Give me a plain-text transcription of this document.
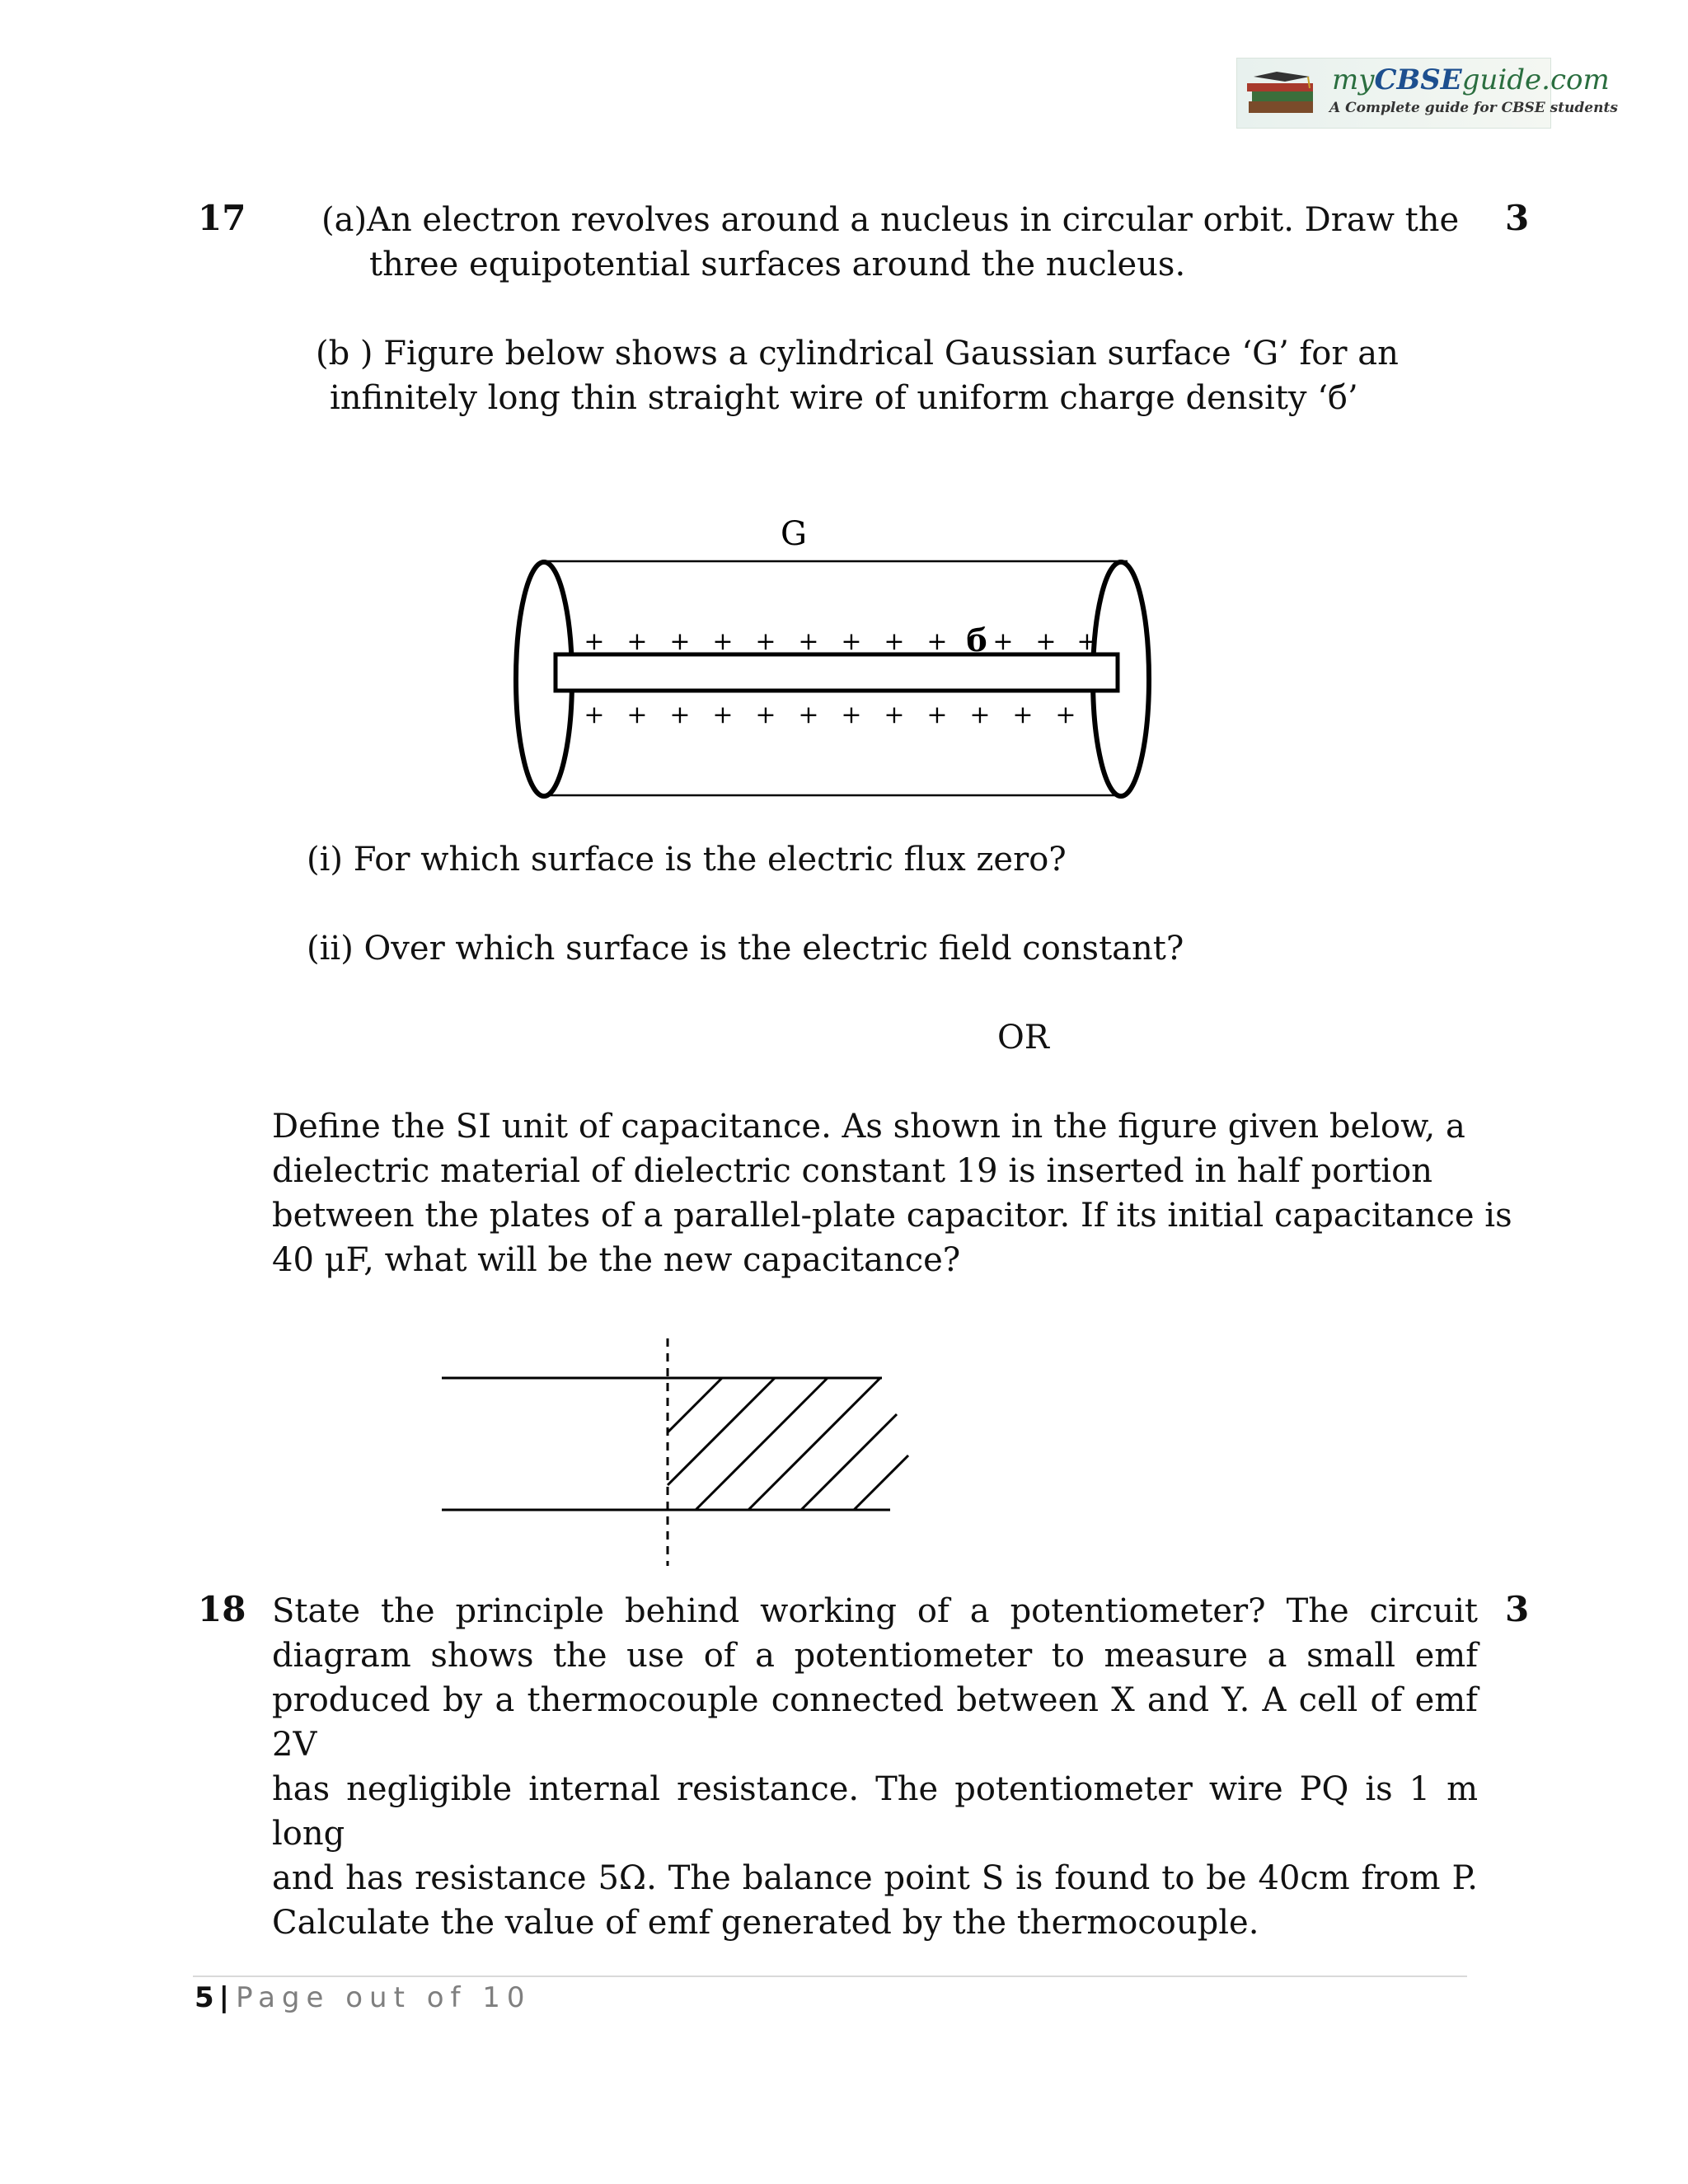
myCBSEguide.com
A Complete guide for CBSE students
17	3
(a)An electron revolves around a nucleus in circular orbit. Draw the
three equipotential surfaces around the nucleus.
(b ) Figure below shows a cylindrical Gaussian surface ‘G’ for an
infinitely long thin straight wire of uniform charge density ‘б’
G
+ + + + + + + + + + + +
+ + + + + + + + + + + +
б
(i) For which surface is the electric flux zero?
(ii) Over which surface is the electric field constant?
OR
Define the SI unit of capacitance. As shown in the figure given below, a
dielectric material of dielectric constant 19 is inserted in half portion
between the plates of a parallel-plate capacitor. If its initial capacitance is
40 μF, what will be the new capacitance?
18	3
State the principle behind working of a potentiometer? The circuit
diagram shows the use of a potentiometer to measure a small emf
produced by a thermocouple connected between X and Y. A cell of emf 2V
has negligible internal resistance. The potentiometer wire PQ is 1 m long
and has resistance 5Ω. The balance point S is found to be 40cm from P.
Calculate the value of emf generated by the thermocouple.
5 | Page out of 10
